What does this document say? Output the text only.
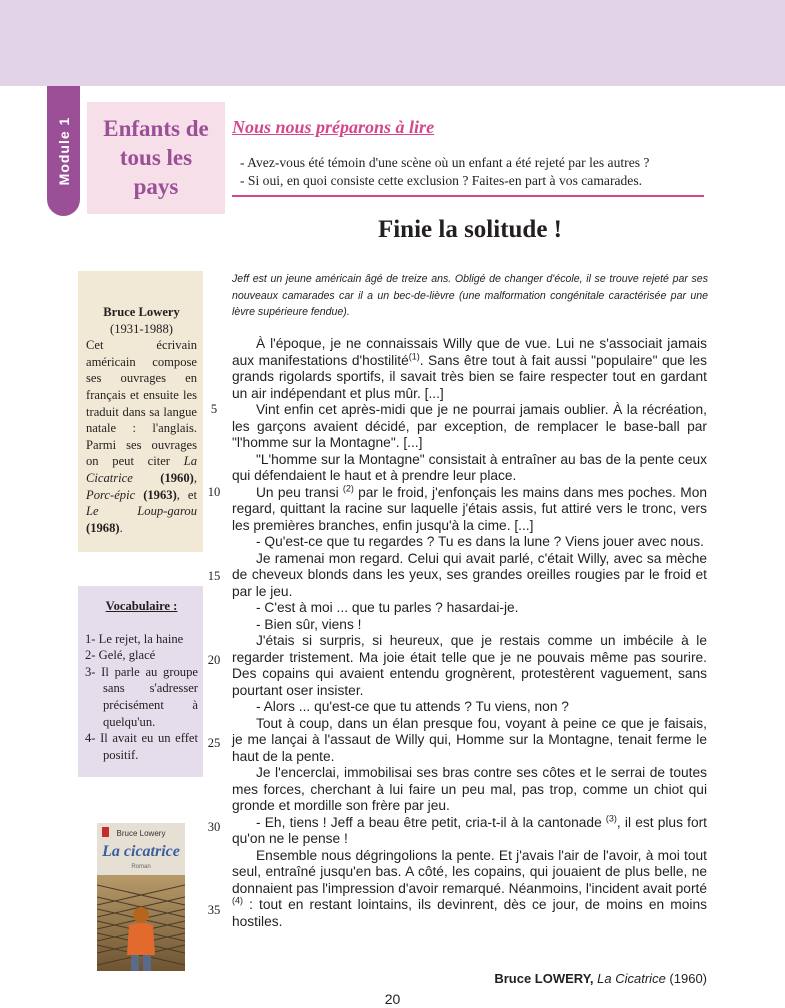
Module 1	Enfants de
tous les
pays
Nous nous préparons à lire
- Avez-vous été témoin d'une scène où un enfant a été rejeté par les autres ?
- Si oui, en quoi consiste cette exclusion ? Faites-en part à vos camarades.
Finie la solitude !
Jeff est un jeune américain âgé de treize ans. Obligé de changer d'école, il se trouve rejeté par ses nouveaux camarades car il a un bec-de-lièvre (une malformation congénitale caractérisée par une lèvre supérieure fendue).
Bruce Lowery
(1931-1988)
Cet écrivain américain compose ses ouvrages en français et ensuite les traduit dans sa langue natale : l'anglais. Parmi ses ouvrages on peut citer La Cicatrice (1960), Porc-épic (1963), et Le Loup-garou (1968).
Vocabulaire :
1- Le rejet, la haine
2- Gelé, glacé
3- Il parle au groupe sans s'adresser précisément à quelqu'un.
4- Il avait eu un effet positif.
Bruce Lowery
La cicatrice
Roman
À l'époque, je ne connaissais Willy que de vue. Lui ne s'associait jamais aux manifestations d'hostilité$^{(1)}$. Sans être tout à fait aussi "populaire" que les grands rigolards sportifs, il savait très bien se faire respecter tout en gardant un air indépendant et plus mûr. [...]
Vint enfin cet après-midi que je ne pourrai jamais oublier. À la récréation, les garçons avaient décidé, par exception, de remplacer le base-ball par "l'homme sur la Montagne". [...]
"L'homme sur la Montagne" consistait à entraîner au bas de la pente ceux qui défendaient le haut et à prendre leur place.
Un peu transi $^{(2)}$ par le froid, j'enfonçais les mains dans mes poches. Mon regard, quittant la racine sur laquelle j'étais assis, fut attiré vers le tronc, vers les premières branches, enfin jusqu'à la cime. [...]
- Qu'est-ce que tu regardes ? Tu es dans la lune ? Viens jouer avec nous.
Je ramenai mon regard. Celui qui avait parlé, c'était Willy, avec sa mèche de cheveux blonds dans les yeux, ses grandes oreilles rougies par le froid et par le jeu.
- C'est à moi ... que tu parles ? hasardai-je.
- Bien sûr, viens !
J'étais si surpris, si heureux, que je restais comme un imbécile à le regarder tristement. Ma joie était telle que je ne pouvais même pas sourire. Des copains qui avaient entendu grognèrent, protestèrent vaguement, sans pourtant oser insister.
- Alors ... qu'est-ce que tu attends ? Tu viens, non ?
Tout à coup, dans un élan presque fou, voyant à peine ce que je faisais, je me lançai à l'assaut de Willy qui, Homme sur la Montagne, tenait ferme le haut de la pente.
Je l'encerclai, immobilisai ses bras contre ses côtes et le serrai de toutes mes forces, cherchant à lui faire un peu mal, pas trop, comme un chiot qui gronde et mordille son frère par jeu.
- Eh, tiens ! Jeff a beau être petit, cria-t-il à la cantonade $^{(3)}$, il est plus fort qu'on ne le pense !
Ensemble nous dégringolions la pente. Et j'avais l'air de l'avoir, à moi tout seul, entraîné jusqu'en bas. A côté, les copains, qui jouaient de plus belle, ne donnaient pas l'impression d'avoir remarqué. Néanmoins, l'incident avait porté $^{(4)}$ : tout en restant lointains, ils devinrent, dès ce jour, de moins en moins hostiles.
5
10
15
20
25
30
35
Bruce LOWERY, La Cicatrice (1960)
20
